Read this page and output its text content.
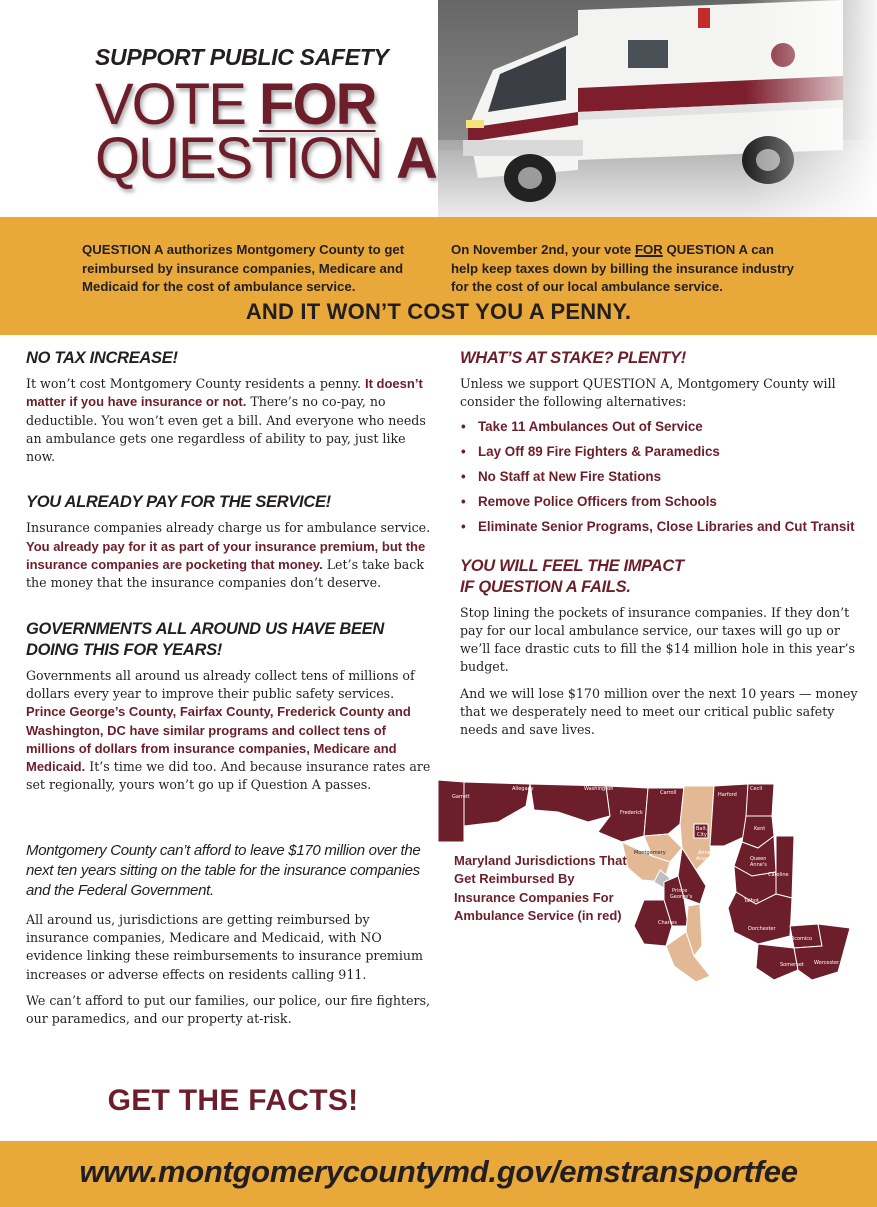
SUPPORT PUBLIC SAFETY

VOTE FOR

QUESTION A

QUESTION A authorizes Montgomery County to get reimbursed by insurance companies, Medicare and Medicaid for the cost of ambulance service.

On November 2nd, your vote FOR QUESTION A can help keep taxes down by billing the insurance industry for the cost of our local ambulance service.

AND IT WON’T COST YOU A PENNY.

NO TAX INCREASE!

It won’t cost Montgomery County residents a penny. It doesn’t matter if you have insurance or not. There’s no co-pay, no deductible. You won’t even get a bill. And everyone who needs an ambulance gets one regardless of ability to pay, just like now.

YOU ALREADY PAY FOR THE SERVICE!

Insurance companies already charge us for ambulance service. You already pay for it as part of your insurance premium, but the insurance companies are pocketing that money. Let’s take back the money that the insurance companies don’t deserve.

GOVERNMENTS ALL AROUND US HAVE BEEN DOING THIS FOR YEARS!

Governments all around us already collect tens of millions of dollars every year to improve their public safety services. Prince George’s County, Fairfax County, Frederick County and Washington, DC have similar programs and collect tens of millions of dollars from insurance companies, Medicare and Medicaid. It’s time we did too. And because insurance rates are set regionally, yours won’t go up if Question A passes.

Montgomery County can’t afford to leave $170 million over the next ten years sitting on the table for the insurance companies and the Federal Government.

All around us, jurisdictions are getting reimbursed by insurance companies, Medicare and Medicaid, with NO evidence linking these reimbursements to insurance premium increases or adverse effects on residents calling 911.

We can’t afford to put our families, our police, our fire fighters, our paramedics, and our property at-risk.

WHAT’S AT STAKE? PLENTY!

Unless we support QUESTION A, Montgomery County will consider the following alternatives:

• Take 11 Ambulances Out of Service
• Lay Off 89 Fire Fighters & Paramedics
• No Staff at New Fire Stations
• Remove Police Officers from Schools
• Eliminate Senior Programs, Close Libraries and Cut Transit
YOU WILL FEEL THE IMPACT
IF QUESTION A FAILS.

Stop lining the pockets of insurance companies. If they don’t pay for our local ambulance service, our taxes will go up or we’ll face drastic cuts to fill the $14 million hole in this year’s budget.

And we will lose $170 million over the next 10 years — money that we desperately need to meet our critical public safety needs and save lives.

Garrett
Allegany	Washington
Frederick
Carroll	Harford
Cecil
Balt.
City
Kent
Montgomery	Anne
Arundel	Queen
Anne's
Caroline
Prince
George's
Talbot
Charles
Dorchester
Wicomico
Somerset Worcester

Maryland Jurisdictions That Get Reimbursed By Insurance Companies For Ambulance Service (in red)

GET THE FACTS!

www.montgomerycountymd.gov/emstransportfee
